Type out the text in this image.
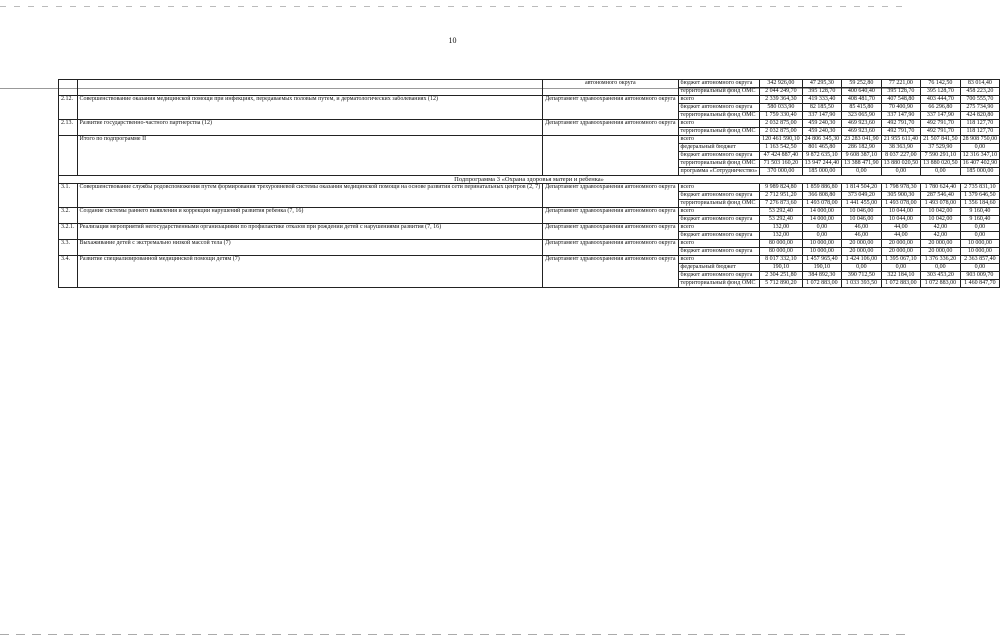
10
		автономного округа	бюджет автономного округа	342 926,00	47 295,30	59 252,80	77 221,00	76 142,50	83 014,40
			территориальный фонд ОМС	2 044 249,70	395 128,70	400 640,40	395 128,70	395 128,70	458 223,20
2.12.	Совершенствование оказания медицинской помощи при инфекциях, передаваемых половым путем, и дерматологических заболеваниях (12)	Департамент здравоохранения автономного округа	всего	2 339 364,30	419 333,40	408 481,70	407 548,80	403 444,70	700 555,70
			бюджет автономного округа	580 033,90	82 185,50	85 415,80	70 400,90	66 296,80	275 734,90
			территориальный фонд ОМС	1 759 330,40	337 147,90	323 065,90	337 147,90	337 147,90	424 820,80
2.13.	Развитие государственно-частного партнерства (12)	Департамент здравоохранения автономного округа	всего	2 032 875,00	459 240,30	469 923,60	492 791,70	492 791,70	118 127,70
			территориальный фонд ОМС	2 032 875,00	459 240,30	469 923,60	492 791,70	492 791,70	118 127,70
	Итого по подпрограмме II		всего	120 461 590,10	24 806 345,30	23 283 041,90	21 955 611,40	21 507 841,50	28 908 750,00
			федеральный бюджет	1 163 542,50	801 465,80	286 182,90	38 363,90	37 529,90	0,00
			бюджет автономного округа	47 424 887,40	9 872 635,10	9 608 387,10	8 037 227,00	7 590 291,10	12 316 347,10
			территориальный фонд ОМС	71 503 160,20	13 947 244,40	13 388 471,90	13 880 020,50	13 880 020,50	16 407 402,90
			программа «Сотрудничество»	370 000,00	185 000,00	0,00	0,00	0,00	185 000,00
Подпрограмма 3 «Охрана здоровья матери и ребенка»									
3.1.	Совершенствование службы родовспоможения путем формирования трехуровневой системы оказания медицинской помощи на основе развития сети перинатальных центров (2, 7)	Департамент здравоохранения автономного округа	всего	9 989 824,80	1 859 886,80	1 814 504,20	1 798 978,30	1 780 624,40	2 735 831,10
			бюджет автономного округа	2 712 951,20	366 808,80	373 049,20	305 900,30	287 546,40	1 379 646,50
			территориальный фонд ОМС	7 276 873,60	1 493 078,00	1 441 455,00	1 493 078,00	1 493 078,00	1 356 184,60
3.2.	Создание системы раннего выявления и коррекции нарушений развития ребенка (7, 16)	Департамент здравоохранения автономного округа	всего	53 292,40	14 000,00	10 046,00	10 044,00	10 042,00	9 160,40
			бюджет автономного округа	53 292,40	14 000,00	10 046,00	10 044,00	10 042,00	9 160,40
3.2.1.	Реализация мероприятий негосударственными организациями по профилактике отказов при рождении детей с нарушениями развития (7, 16)	Департамент здравоохранения автономного округа	всего	132,00	0,00	46,00	44,00	42,00	0,00
			бюджет автономного округа	132,00	0,00	46,00	44,00	42,00	0,00
3.3.	Выхаживание детей с экстремально низкой массой тела (7)	Департамент здравоохранения автономного округа	всего	80 000,00	10 000,00	20 000,00	20 000,00	20 000,00	10 000,00
			бюджет автономного округа	80 000,00	10 000,00	20 000,00	20 000,00	20 000,00	10 000,00
3.4.	Развитие специализированной медицинской помощи детям (7)	Департамент здравоохранения автономного округа	всего	8 017 332,10	1 457 965,40	1 424 106,00	1 395 067,10	1 376 336,20	2 363 857,40
			федеральный бюджет	190,10	190,10	0,00	0,00	0,00	0,00
			бюджет автономного округа	2 304 251,80	384 892,30	390 712,50	322 184,10	303 453,20	903 009,70
			территориальный фонд ОМС	5 712 890,20	1 072 883,00	1 033 393,50	1 072 883,00	1 072 883,00	1 460 847,70
